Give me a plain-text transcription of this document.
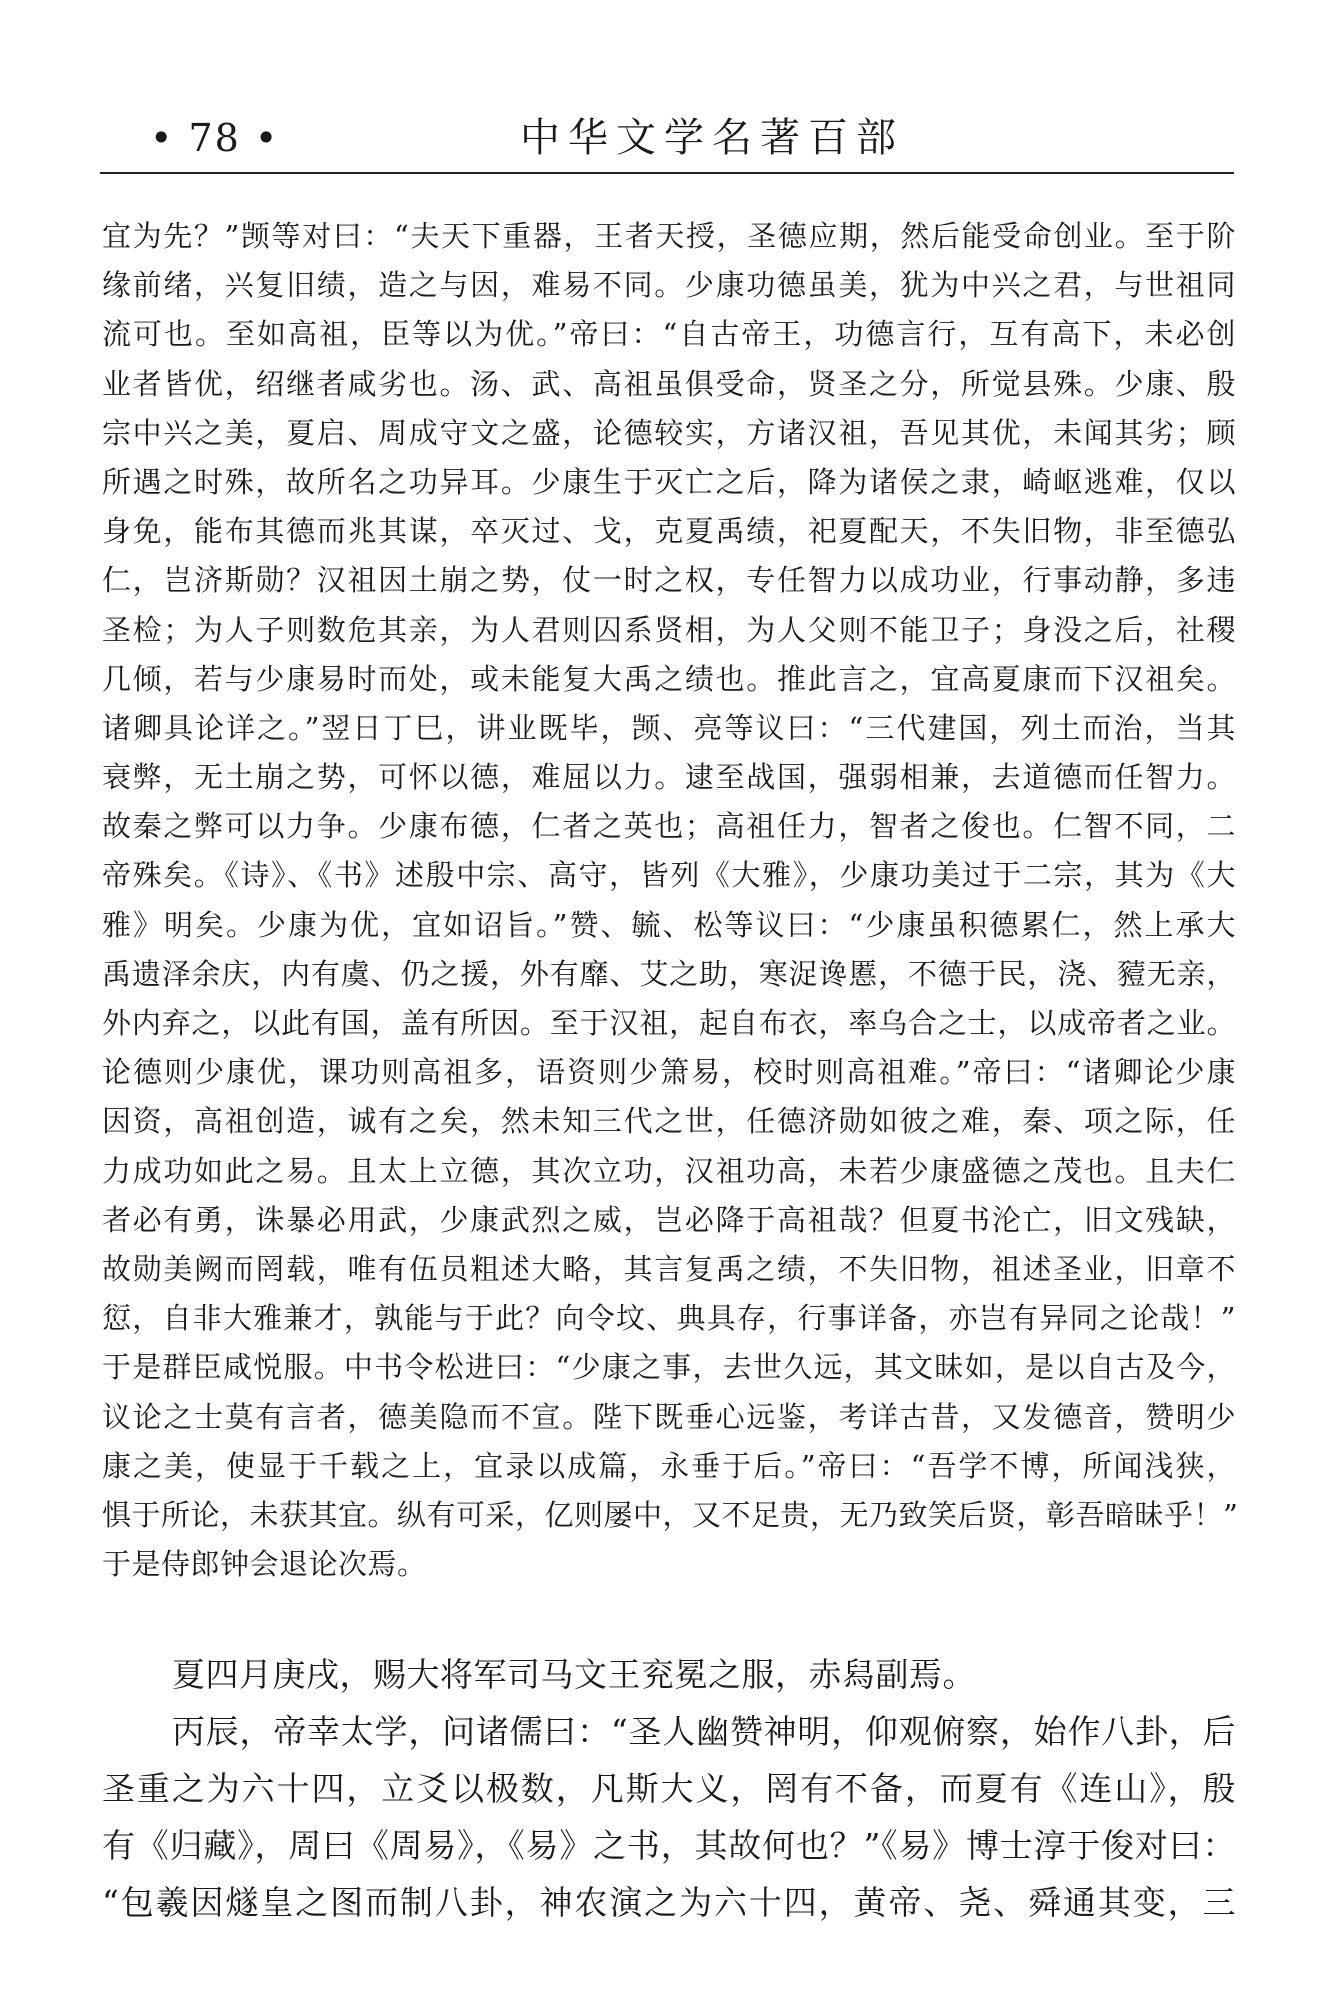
• 78 •	中华文学名著百部

宜为先？”𫖮等对曰：“夫天下重器，王者天授，圣德应期，然后能受命创业。至于阶

缘前绪，兴复旧绩，造之与因，难易不同。少康功德虽美，犹为中兴之君，与世祖同

流可也。至如高祖，臣等以为优。”帝曰：“自古帝王，功德言行，互有高下，未必创

业者皆优，绍继者咸劣也。汤、武、高祖虽俱受命，贤圣之分，所觉县殊。少康、殷

宗中兴之美，夏启、周成守文之盛，论德较实，方诸汉祖，吾见其优，未闻其劣；顾

所遇之时殊，故所名之功异耳。少康生于灭亡之后，降为诸侯之隶，崎岖逃难，仅以

身免，能布其德而兆其谋，卒灭过、戈，克夏禹绩，祀夏配天，不失旧物，非至德弘

仁，岂济斯勋？汉祖因土崩之势，仗一时之权，专任智力以成功业，行事动静，多违

圣检；为人子则数危其亲，为人君则囚系贤相，为人父则不能卫子；身没之后，社稷

几倾，若与少康易时而处，或未能复大禹之绩也。推此言之，宜高夏康而下汉祖矣。

诸卿具论详之。”翌日丁巳，讲业既毕，𫖮、亮等议曰：“三代建国，列土而治，当其

衰弊，无土崩之势，可怀以德，难屈以力。逮至战国，强弱相兼，去道德而任智力。

故秦之弊可以力争。少康布德，仁者之英也；高祖任力，智者之俊也。仁智不同，二

帝殊矣。《诗》、《书》述殷中宗、高守，皆列《大雅》，少康功美过于二宗，其为《大

雅》明矣。少康为优，宜如诏旨。”赞、毓、松等议曰：“少康虽积德累仁，然上承大

禹遗泽余庆，内有虞、仍之援，外有靡、艾之助，寒浞谗慝，不德于民，浇、豷无亲，

外内弃之，以此有国，盖有所因。至于汉祖，起自布衣，率乌合之士，以成帝者之业。

论德则少康优，课功则高祖多，语资则少箫易，校时则高祖难。”帝曰：“诸卿论少康

因资，高祖创造，诚有之矣，然未知三代之世，任德济勋如彼之难，秦、项之际，任

力成功如此之易。且太上立德，其次立功，汉祖功高，未若少康盛德之茂也。且夫仁

者必有勇，诛暴必用武，少康武烈之威，岂必降于高祖哉？但夏书沦亡，旧文残缺，

故勋美阙而罔载，唯有伍员粗述大略，其言复禹之绩，不失旧物，祖述圣业，旧章不

愆，自非大雅兼才，孰能与于此？向令坟、典具存，行事详备，亦岂有异同之论哉！”

于是群臣咸悦服。中书令松进曰：“少康之事，去世久远，其文昧如，是以自古及今，

议论之士莫有言者，德美隐而不宣。陛下既垂心远鉴，考详古昔，又发德音，赞明少

康之美，使显于千载之上，宜录以成篇，永垂于后。”帝曰：“吾学不博，所闻浅狭，

惧于所论，未获其宜。纵有可采，亿则屡中，又不足贵，无乃致笑后贤，彰吾暗昧乎！”

于是侍郎钟会退论次焉。

夏四月庚戌，赐大将军司马文王兖冕之服，赤舄副焉。

丙辰，帝幸太学，问诸儒曰：“圣人幽赞神明，仰观俯察，始作八卦，后

圣重之为六十四，立爻以极数，凡斯大义，罔有不备，而夏有《连山》，殷

有《归藏》，周曰《周易》，《易》之书，其故何也？”《易》博士淳于俊对曰：

“包羲因燧皇之图而制八卦，神农演之为六十四，黄帝、尧、舜通其变，三
